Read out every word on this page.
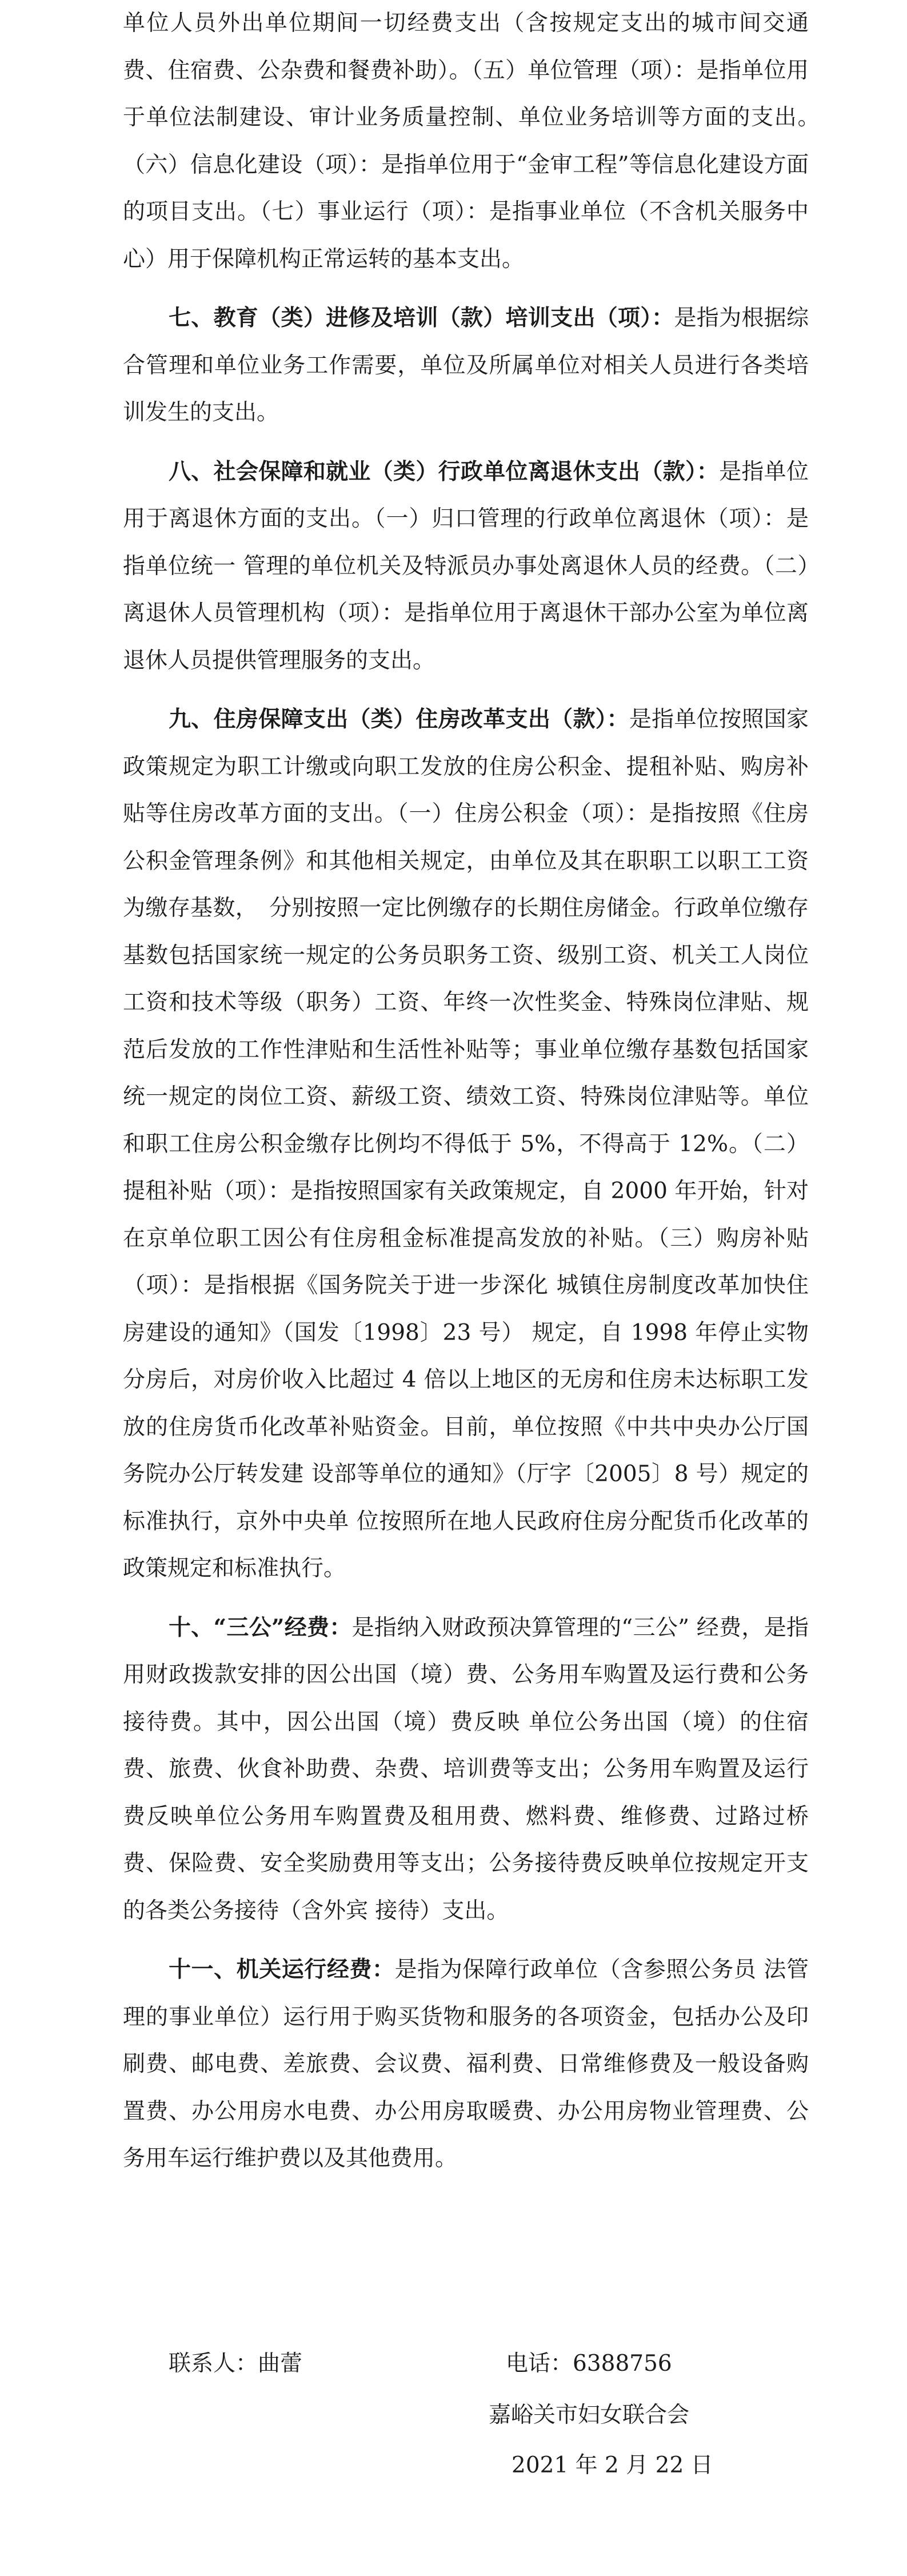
单位人员外出单位期间一切经费支出（含按规定支出的城市间交通费、住宿费、公杂费和餐费补助）。（五）单位管理（项）：是指单位用于单位法制建设、审计业务质量控制、单位业务培训等方面的支出。　（六）信息化建设（项）：是指单位用于“金审工程”等信息化建设方面的项目支出。（七）事业运行（项）：是指事业单位（不含机关服务中心）用于保障机构正常运转的基本支出。

七、教育（类）进修及培训（款）培训支出（项）：是指为根据综合管理和单位业务工作需要，单位及所属单位对相关人员进行各类培训发生的支出。

八、社会保障和就业（类）行政单位离退休支出（款）：是指单位用于离退休方面的支出。（一）归口管理的行政单位离退休（项）：是指单位统一 管理的单位机关及特派员办事处离退休人员的经费。（二）离退休人员管理机构（项）：是指单位用于离退休干部办公室为单位离退休人员提供管理服务的支出。

九、住房保障支出（类）住房改革支出（款）：是指单位按照国家政策规定为职工计缴或向职工发放的住房公积金、提租补贴、购房补贴等住房改革方面的支出。（一）住房公积金（项）：是指按照《住房公积金管理条例》和其他相关规定，由单位及其在职职工以职工工资为缴存基数，　分别按照一定比例缴存的长期住房储金。行政单位缴存基数包括国家统一规定的公务员职务工资、级别工资、机关工人岗位工资和技术等级（职务）工资、年终一次性奖金、特殊岗位津贴、规范后发放的工作性津贴和生活性补贴等；事业单位缴存基数包括国家统一规定的岗位工资、薪级工资、绩效工资、特殊岗位津贴等。单位和职工住房公积金缴存比例均不得低于 5%，不得高于 12%。（二）提租补贴（项）：是指按照国家有关政策规定，自 2000 年开始，针对在京单位职工因公有住房租金标准提高发放的补贴。（三）购房补贴（项）：是指根据《国务院关于进一步深化 城镇住房制度改革加快住房建设的通知》（国发〔1998〕23 号） 规定，自 1998 年停止实物分房后，对房价收入比超过 4 倍以上地区的无房和住房未达标职工发放的住房货币化改革补贴资金。目前，单位按照《中共中央办公厅国务院办公厅转发建 设部等单位的通知》（厅字〔2005〕8 号）规定的标准执行，京外中央单 位按照所在地人民政府住房分配货币化改革的政策规定和标准执行。

十、“三公”经费：是指纳入财政预决算管理的“三公” 经费，是指用财政拨款安排的因公出国（境）费、公务用车购置及运行费和公务接待费。其中，因公出国（境）费反映 单位公务出国（境）的住宿费、旅费、伙食补助费、杂费、培训费等支出；公务用车购置及运行费反映单位公务用车购置费及租用费、燃料费、维修费、过路过桥费、保险费、安全奖励费用等支出；公务接待费反映单位按规定开支的各类公务接待（含外宾 接待）支出。

十一、机关运行经费：是指为保障行政单位（含参照公务员 法管理的事业单位）运行用于购买货物和服务的各项资金，包括办公及印刷费、邮电费、差旅费、会议费、福利费、日常维修费及一般设备购置费、办公用房水电费、办公用房取暖费、办公用房物业管理费、公务用车运行维护费以及其他费用。

联系人：曲蕾	电话：6388756
嘉峪关市妇女联合会
2021 年 2 月 22 日
